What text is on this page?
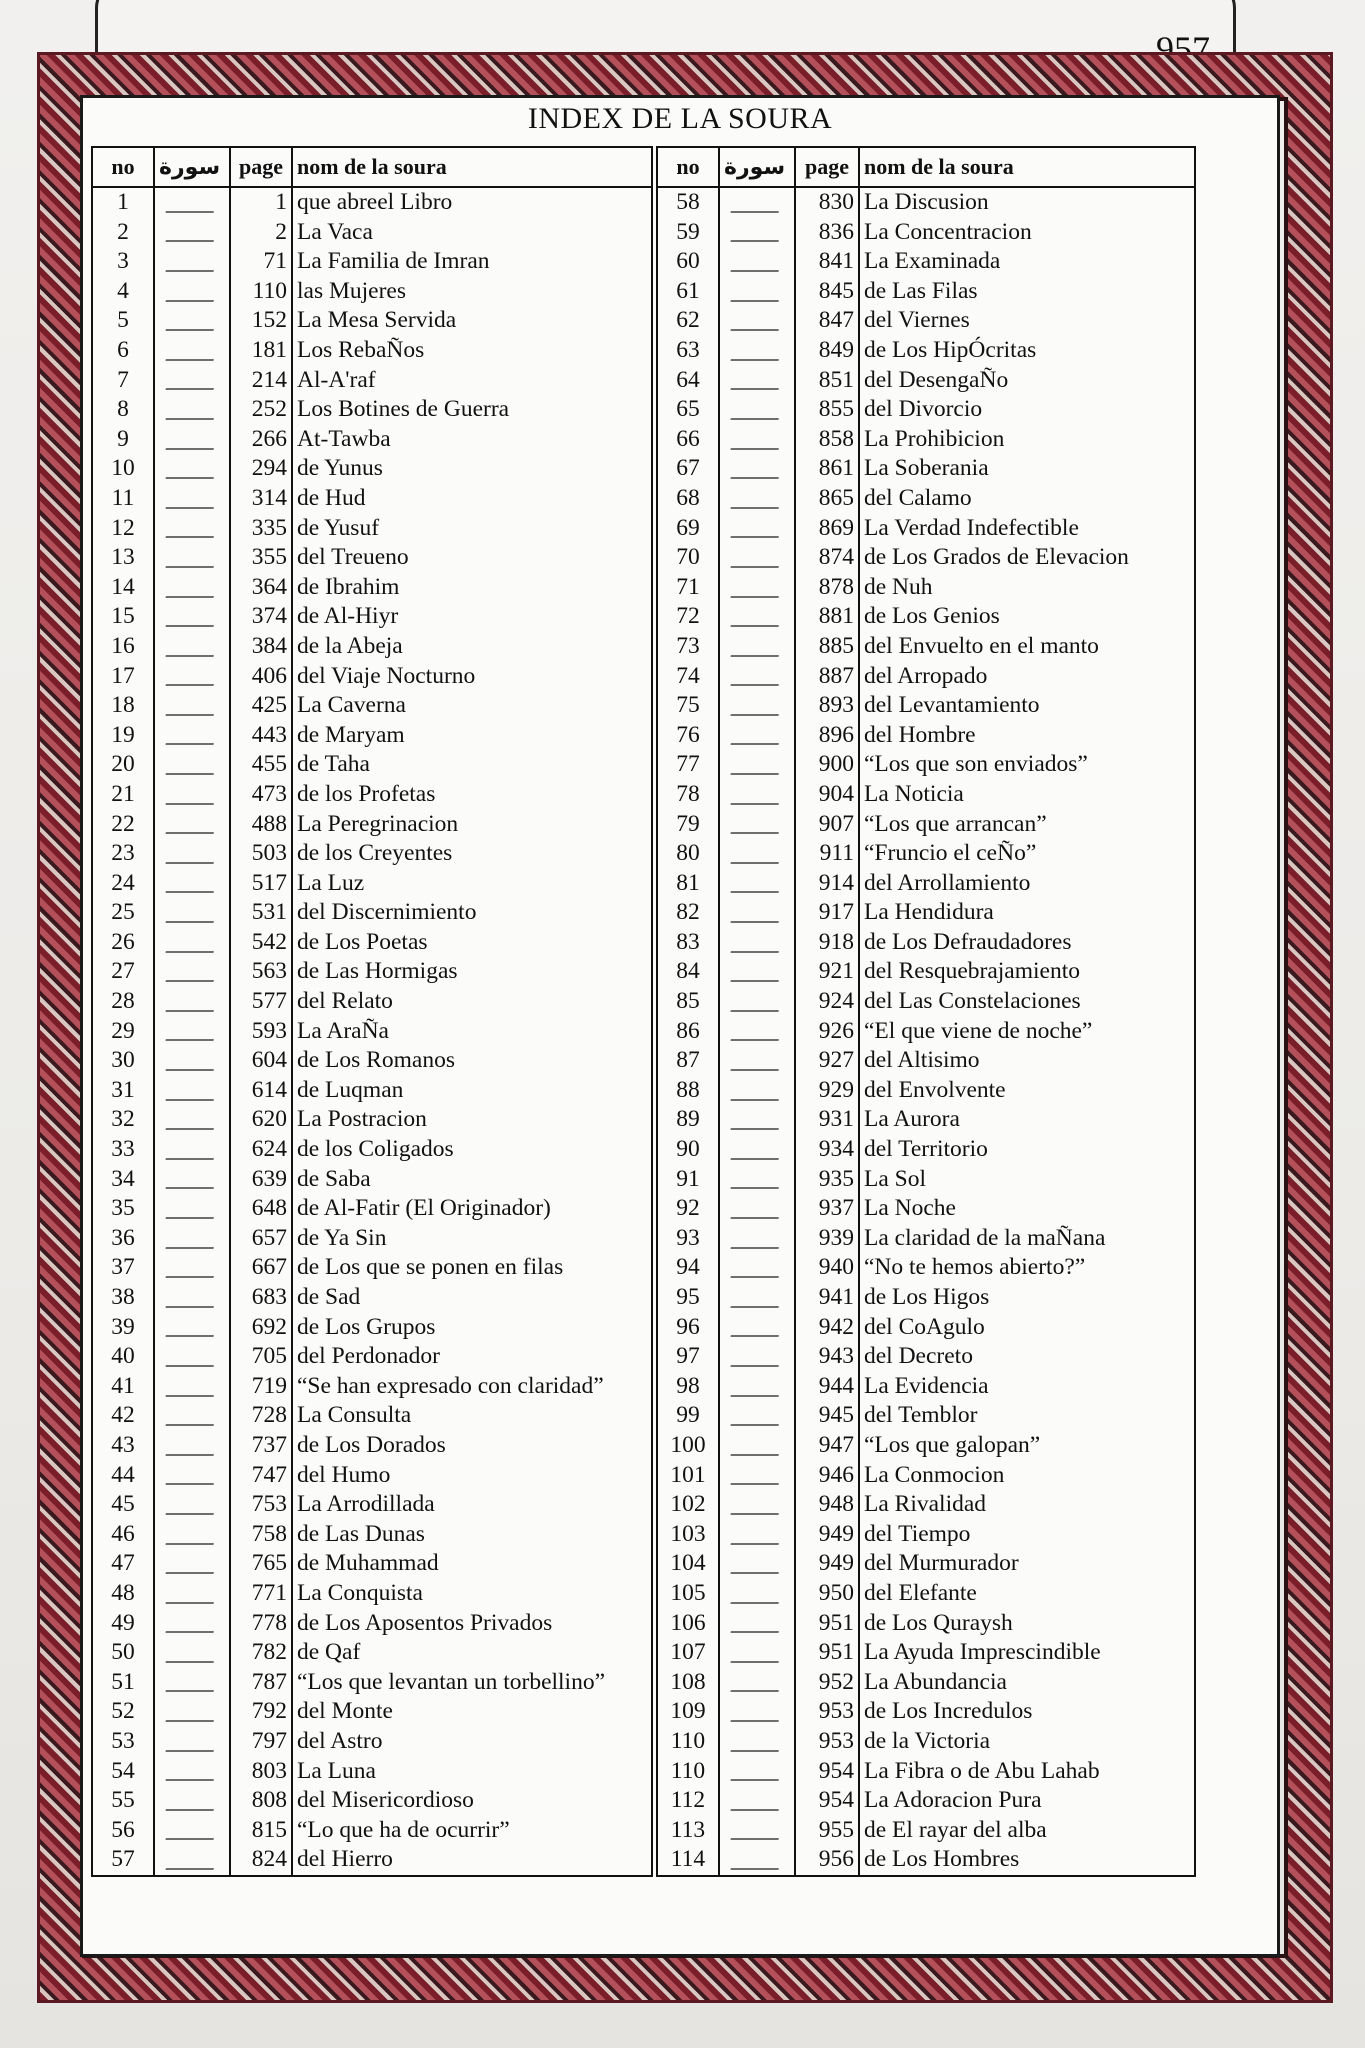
957
INDEX DE LA SOURA
no	سورة	page	nom de la soura
1		1	que abreel Libro
2		2	La Vaca
3		71	La Familia de Imran
4		110	las Mujeres
5		152	La Mesa Servida
6		181	Los RebaÑos
7		214	Al-A'raf
8		252	Los Botines de Guerra
9		266	At-Tawba
10		294	de Yunus
11		314	de Hud
12		335	de Yusuf
13		355	del Treueno
14		364	de Ibrahim
15		374	de Al-Hiyr
16		384	de la Abeja
17		406	del Viaje Nocturno
18		425	La Caverna
19		443	de Maryam
20		455	de Taha
21		473	de los Profetas
22		488	La Peregrinacion
23		503	de los Creyentes
24		517	La Luz
25		531	del Discernimiento
26		542	de Los Poetas
27		563	de Las Hormigas
28		577	del Relato
29		593	La AraÑa
30		604	de Los Romanos
31		614	de Luqman
32		620	La Postracion
33		624	de los Coligados
34		639	de Saba
35		648	de Al-Fatir (El Originador)
36		657	de Ya Sin
37		667	de Los que se ponen en filas
38		683	de Sad
39		692	de Los Grupos
40		705	del Perdonador
41		719	“Se han expresado con claridad”
42		728	La Consulta
43		737	de Los Dorados
44		747	del Humo
45		753	La Arrodillada
46		758	de Las Dunas
47		765	de Muhammad
48		771	La Conquista
49		778	de Los Aposentos Privados
50		782	de Qaf
51		787	“Los que levantan un torbellino”
52		792	del Monte
53		797	del Astro
54		803	La Luna
55		808	del Misericordioso
56		815	“Lo que ha de ocurrir”
57		824	del Hierro
no	سورة	page	nom de la soura
58		830	La Discusion
59		836	La Concentracion
60		841	La Examinada
61		845	de Las Filas
62		847	del Viernes
63		849	de Los HipÓcritas
64		851	del DesengaÑo
65		855	del Divorcio
66		858	La Prohibicion
67		861	La Soberania
68		865	del Calamo
69		869	La Verdad Indefectible
70		874	de Los Grados de Elevacion
71		878	de Nuh
72		881	de Los Genios
73		885	del Envuelto en el manto
74		887	del Arropado
75		893	del Levantamiento
76		896	del Hombre
77		900	“Los que son enviados”
78		904	La Noticia
79		907	“Los que arrancan”
80		911	“Fruncio el ceÑo”
81		914	del Arrollamiento
82		917	La Hendidura
83		918	de Los Defraudadores
84		921	del Resquebrajamiento
85		924	del Las Constelaciones
86		926	“El que viene de noche”
87		927	del Altisimo
88		929	del Envolvente
89		931	La Aurora
90		934	del Territorio
91		935	La Sol
92		937	La Noche
93		939	La claridad de la maÑana
94		940	“No te hemos abierto?”
95		941	de Los Higos
96		942	del CoAgulo
97		943	del Decreto
98		944	La Evidencia
99		945	del Temblor
100		947	“Los que galopan”
101		946	La Conmocion
102		948	La Rivalidad
103		949	del Tiempo
104		949	del Murmurador
105		950	del Elefante
106		951	de Los Quraysh
107		951	La Ayuda Imprescindible
108		952	La Abundancia
109		953	de Los Incredulos
110		953	de la Victoria
110		954	La Fibra o de Abu Lahab
112		954	La Adoracion Pura
113		955	de El rayar del alba
114		956	de Los Hombres
